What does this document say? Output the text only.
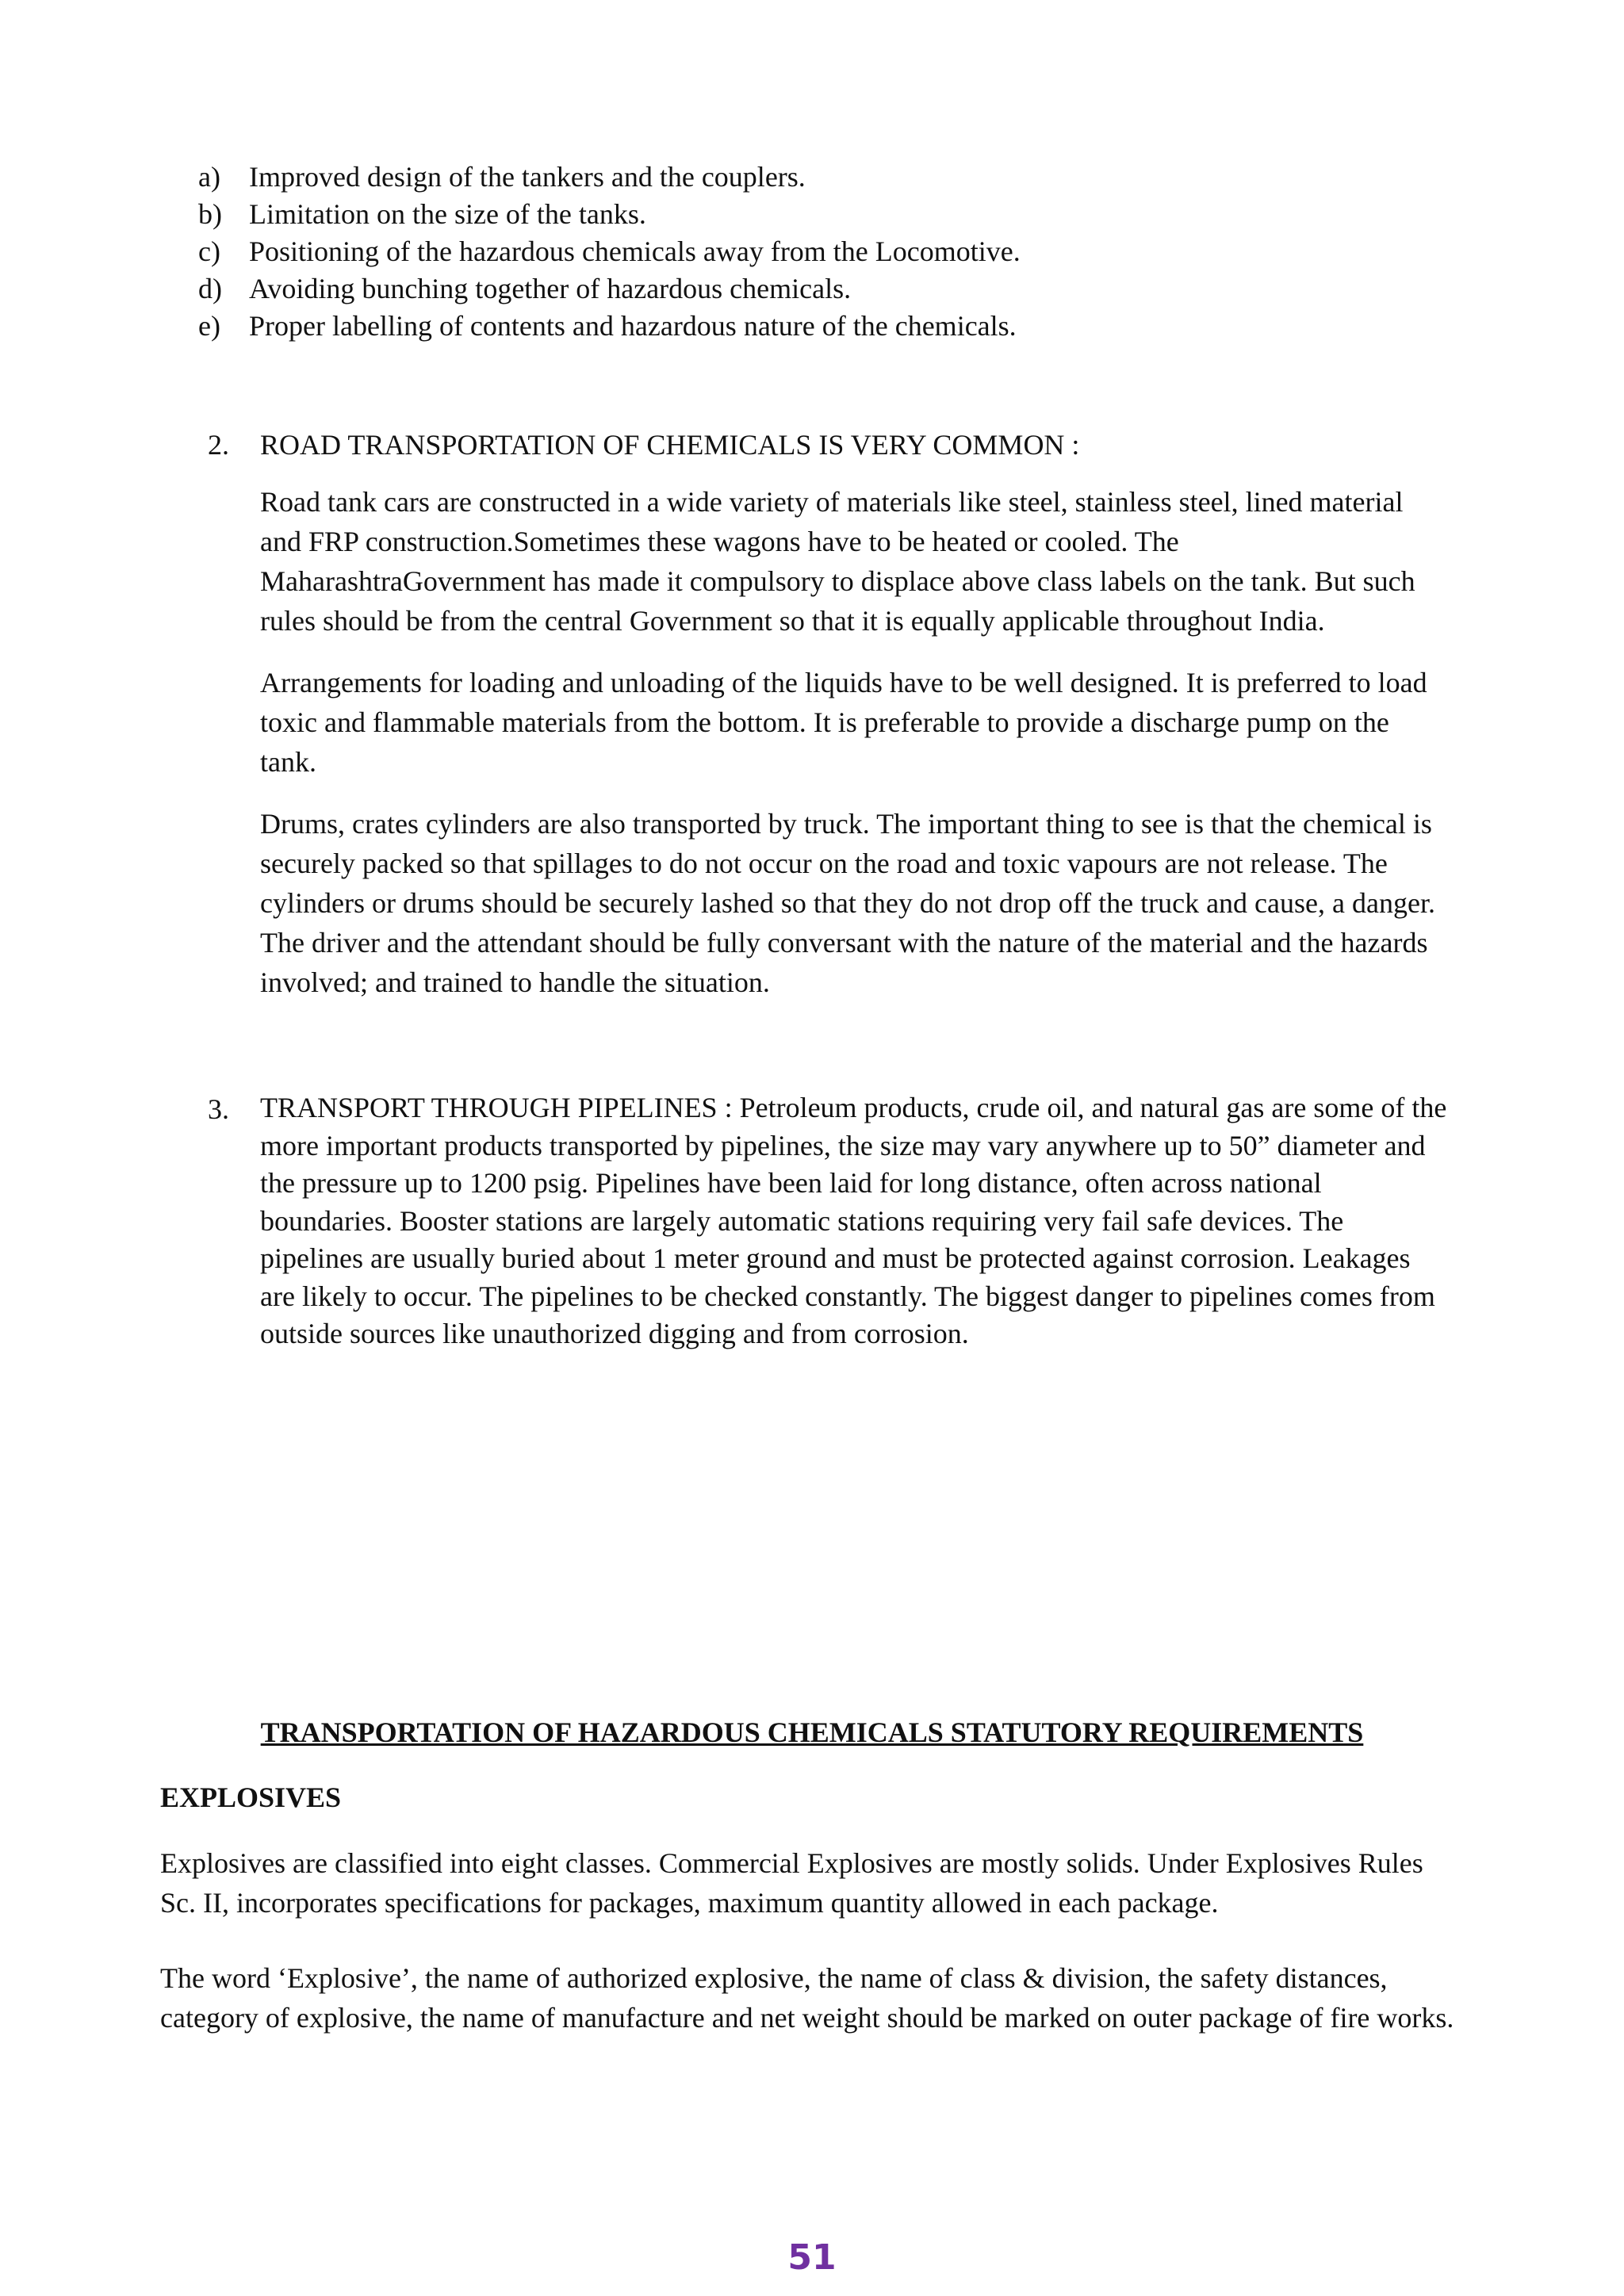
a)	Improved design of the tankers and the couplers.
b) Limitation on the size of the tanks.
c)	Positioning of the hazardous chemicals away from the Locomotive.
d) Avoiding bunching together of hazardous chemicals.
e)	Proper labelling of contents and hazardous nature of the chemicals.
2. ROAD TRANSPORTATION OF CHEMICALS IS VERY COMMON :

Road tank cars are constructed in a wide variety of materials like steel, stainless steel, lined material and FRP construction.Sometimes these wagons have to be heated or cooled. The MaharashtraGovernment has made it compulsory to displace above class labels on the tank. But such rules should be from the central Government so that it is equally applicable throughout India.

Arrangements for loading and unloading of the liquids have to be well designed. It is preferred to load toxic and flammable materials from the bottom. It is preferable to provide a discharge pump on the tank.

Drums, crates cylinders are also transported by truck. The important thing to see is that the chemical is securely packed so that spillages to do not occur on the road and toxic vapours are not release. The cylinders or drums should be securely lashed so that they do not drop off the truck and cause, a danger. The driver and the attendant should be fully conversant with the nature of the material and the hazards involved; and trained to handle the situation.

3. TRANSPORT THROUGH PIPELINES : Petroleum products, crude oil, and natural gas are some of the more important products transported by pipelines, the size may vary anywhere up to 50” diameter and the pressure up to 1200 psig. Pipelines have been laid for long distance, often across national boundaries. Booster stations are largely automatic stations requiring very fail safe devices. The pipelines are usually buried about 1 meter ground and must be protected against corrosion. Leakages are likely to occur. The pipelines to be checked constantly. The biggest danger to pipelines comes from outside sources like unauthorized digging and from corrosion.

TRANSPORTATION OF HAZARDOUS CHEMICALS STATUTORY REQUIREMENTS

EXPLOSIVES

Explosives are classified into eight classes. Commercial Explosives are mostly solids. Under Explosives Rules Sc. II, incorporates specifications for packages, maximum quantity allowed in each package.

The word ‘Explosive’, the name of authorized explosive, the name of class & division, the safety distances, category of explosive, the name of manufacture and net weight should be marked on outer package of fire works.

51
